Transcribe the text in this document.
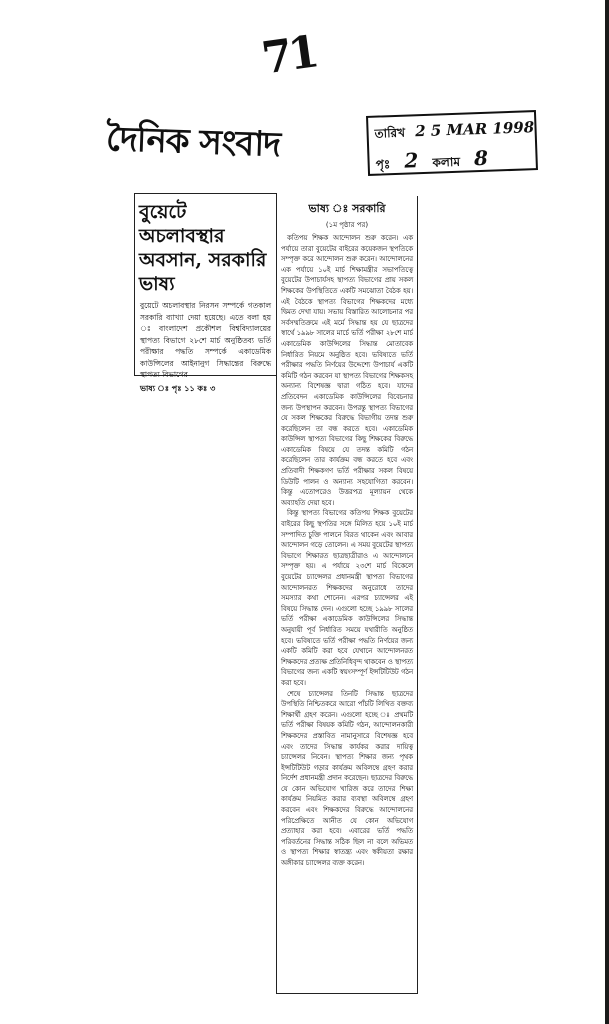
71
দৈনিক সংবাদ	তারিখ 2 5 MAR 1998
পৃঃ 2 কলাম 8
বুয়েটে অচলাবস্থার অবসান, সরকারি ভাষ্য
বুয়েটে অচলাবস্থার নিরসন সম্পর্কে গতকাল সরকারি ব্যাখ্যা দেয়া হয়েছে। এতে বলা হয় ঃ বাংলাদেশ প্রকৌশল বিশ্ববিদ্যালয়ের স্থাপত্য বিভাগে ২৮শে মার্চ অনুষ্ঠিতব্য ভর্তি পরীক্ষার পদ্ধতি সম্পর্কে একাডেমিক কাউন্সিলের আইনানুগ সিদ্ধান্তের বিরুদ্ধে স্থাপত্য বিভাগের
ভাষ্য ঃ পৃঃ ১১ কঃ ৩
ভাষ্য ঃ সরকারি
(১ম পৃষ্ঠার পর)

কতিপয় শিক্ষক আন্দোলন শুরু করেন। এক পর্যায়ে তারা বুয়েটের বাইরের কয়েকজন স্থপতিকে সম্পৃক্ত করে আন্দোলন শুরু করেন। আন্দোলনের এক পর্যায়ে ১০ই মার্চ শিক্ষামন্ত্রীর সভাপতিত্বে বুয়েটের উপাচার্যসহ স্থাপত্য বিভাগের প্রায় সকল শিক্ষকের উপস্থিতিতে একটি সমঝোতা বৈঠক হয়। এই বৈঠকে স্থাপত্য বিভাগের শিক্ষকদের মধ্যে দ্বিমত দেখা যায়। সভায় বিস্তারিত আলোচনার পর সর্বসম্মতিক্রমে এই মর্মে সিদ্ধান্ত হয় যে ছাত্রদের স্বার্থে ১৯৯৮ সালের মার্চে ভর্তি পরীক্ষা ২৮শে মার্চ একাডেমিক কাউন্সিলের সিদ্ধান্ত মোতাবেক নির্ধারিত নিয়মে অনুষ্ঠিত হবে। ভবিষ্যতে ভর্তি পরীক্ষার পদ্ধতি নির্ণয়ের উদ্দেশ্যে উপাচার্য একটি কমিটি গঠন করবেন যা স্থাপত্য বিভাগের শিক্ষকসহ অন্যান্য বিশেষজ্ঞ দ্বারা গঠিত হবে। যাদের প্রতিবেদন একাডেমিক কাউন্সিলের বিবেচনার জন্য উপস্থাপন করবেন। উপরন্তু স্থাপত্য বিভাগের যে সকল শিক্ষকের বিরুদ্ধে বিভাগীয় তদন্ত শুরু করেছিলেন তা বন্ধ করতে হবে। একাডেমিক কাউন্সিল স্থাপত্য বিভাগের কিছু শিক্ষকের বিরুদ্ধে একাডেমিক বিষয়ে যে তদন্ত কমিটি গঠন করেছিলেন তার কার্যক্রম বন্ধ করতে হবে এবং প্রতিবাদী শিক্ষকগণ ভর্তি পরীক্ষার সকল বিষয়ে ডিউটি পালন ও অন্যান্য সহযোগিতা করবেন। কিন্তু এতোপরেও উত্তরপত্র মূল্যায়ন থেকে অব্যাহতি দেয়া হবে।

কিন্তু স্থাপত্য বিভাগের কতিপয় শিক্ষক বুয়েটের বাইরের কিছু স্থপতির সঙ্গে মিলিত হয়ে ১০ই মার্চ সম্পাদিত চুক্তি পালনে বিরত থাকেন এবং আবার আন্দোলন গড়ে তোলেন। এ সময় বুয়েটের স্থাপত্য বিভাগে শিক্ষারত ছাত্রছাত্রীরাও এ আন্দোলনে সম্পৃক্ত হয়। এ পর্যায়ে ২৩শে মার্চ বিকেলে বুয়েটের চ্যান্সেলর প্রধানমন্ত্রী স্থাপত্য বিভাগের আন্দোলনরত শিক্ষকদের অনুরোধে তাদের সমস্যার কথা শোনেন। এরপর চ্যান্সেলর এই বিষয়ে সিদ্ধান্ত দেন। এগুলো হচ্ছে ১৯৯৮ সালের ভর্তি পরীক্ষা একাডেমিক কাউন্সিলের সিদ্ধান্ত অনুযায়ী পূর্ব নির্ধারিত সময়ে যথারীতি অনুষ্ঠিত হবে। ভবিষ্যতে ভর্তি পরীক্ষা পদ্ধতি নির্ণয়ের জন্য একটি কমিটি করা হবে যেখানে আন্দোলনরত শিক্ষকদের প্রত্যক্ষ প্রতিনিধিবৃন্দ থাকবেন ও স্থাপত্য বিভাগের জন্য একটি স্বয়ংসম্পূর্ণ ইন্সটিটিউট গঠন করা হবে।

শেষে চ্যান্সেলর তিনটি সিদ্ধান্ত ছাত্রদের উপস্থিতি নিশ্চিতকরে আরো পাঁচটি লিখিত বক্তব্য শিক্ষার্থী গ্রহণ করেন। এগুলো হচ্ছে ঃ প্রথমটি ভর্তি পরীক্ষা বিষয়ক কমিটি গঠন, আন্দোলনকারী শিক্ষকদের প্রস্তাবিত নামানুসারে বিশেষজ্ঞ হবে এবং তাদের সিদ্ধান্ত কার্যকর করার দায়িত্ব চ্যান্সেলর নিবেন। স্থাপত্য শিক্ষার জন্য পৃথক ইন্সটিটিউট গড়ার কার্যক্রম অবিলম্বে গ্রহণ করার নির্দেশ প্রধানমন্ত্রী প্রদান করেছেন। ছাত্রদের বিরুদ্ধে যে কোন অভিযোগ খারিজ করে তাদের শিক্ষা কার্যক্রম নিয়মিত করার ব্যবস্থা অবিলম্বে গ্রহণ করবেন এবং শিক্ষকদের বিরুদ্ধে আন্দোলনের পরিপ্রেক্ষিতে আনীত যে কোন অভিযোগ প্রত্যাহার করা হবে। এবারের ভর্তি পদ্ধতি পরিবর্তনের সিদ্ধান্ত সঠিক ছিল না বলে অভিমত ও স্থাপত্য শিক্ষার স্বাতন্ত্র্য এবং স্বকীয়তা রক্ষার অঙ্গীকার চ্যান্সেলর ব্যক্ত করেন।
